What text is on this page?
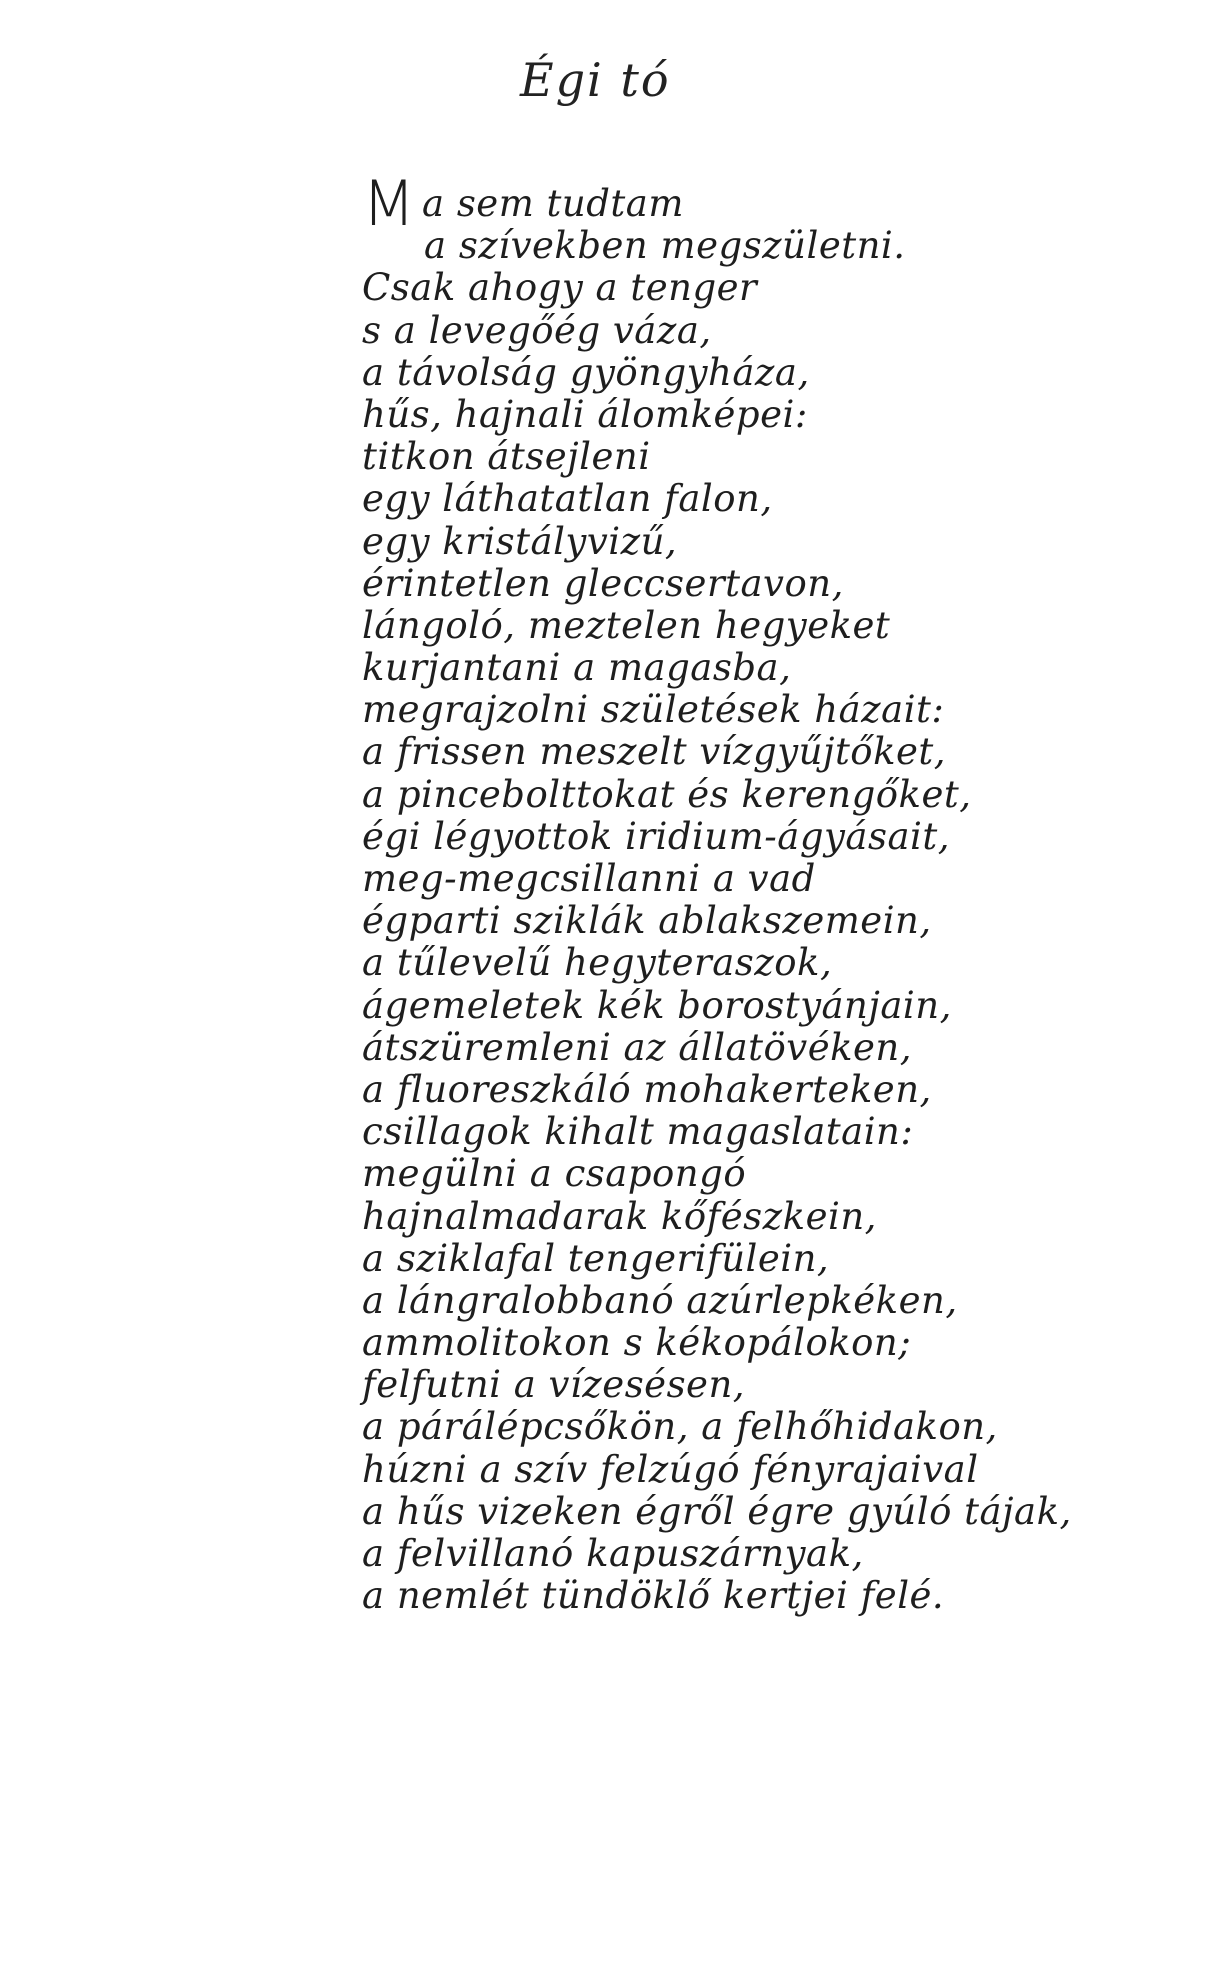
Égi tó
Ma sem tudtam
a szívekben megszületni.
Csak ahogy a tenger
s a levegőég váza,
a távolság gyöngyháza,
hűs, hajnali álomképei:
titkon átsejleni
egy láthatatlan falon,
egy kristályvizű,
érintetlen gleccsertavon,
lángoló, meztelen hegyeket
kurjantani a magasba,
megrajzolni születések házait:
a frissen meszelt vízgyűjtőket,
a pincebolttokat és kerengőket,
égi légyottok iridium-ágyásait,
meg-megcsillanni a vad
égparti sziklák ablakszemein,
a tűlevelű hegyteraszok,
ágemeletek kék borostyánjain,
átszüremleni az állatövéken,
a fluoreszkáló mohakerteken,
csillagok kihalt magaslatain:
megülni a csapongó
hajnalmadarak kőfészkein,
a sziklafal tengerifülein,
a lángralobbanó azúrlepkéken,
ammolitokon s kékopálokon;
felfutni a vízesésen,
a párálépcsőkön, a felhőhidakon,
húzni a szív felzúgó fényrajaival
a hűs vizeken égről égre gyúló tájak,
a felvillanó kapuszárnyak,
a nemlét tündöklő kertjei felé.
